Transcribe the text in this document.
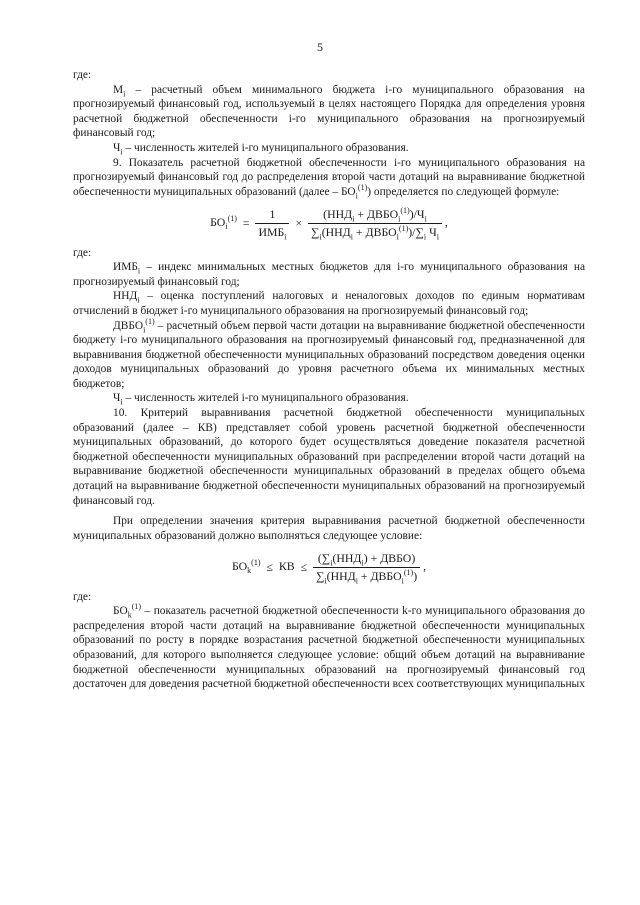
5

где:

$М_i$ – расчетный объем минимального бюджета i-го муниципального образования на прогнозируемый финансовый год, используемый в целях настоящего Порядка для определения уровня расчетной бюджетной обеспеченности i-го муниципального образования на прогнозируемый финансовый год;

$Ч_i$ – численность жителей i-го муниципального образования.

9. Показатель расчетной бюджетной обеспеченности i-го муниципального образования на прогнозируемый финансовый год до распределения второй части дотаций на выравнивание бюджетной обеспеченности муниципальных образований (далее – $БО_i^{(1)}$) определяется по следующей формуле:

$БО_i^{(1)} = \frac{1}{ИМБ_i} \times \frac{(ННД_i + ДВБО_i^{(1)})/Ч_i}{\sum_i(ННД_i + ДВБО_i^{(1)})/\sum_i Ч_i}$ ,

где:

$ИМБ_i$ – индекс минимальных местных бюджетов для i-го муниципального образования на прогнозируемый финансовый год;

$ННД_i$ – оценка поступлений налоговых и неналоговых доходов по единым нормативам отчислений в бюджет i-го муниципального образования на прогнозируемый финансовый год;

$ДВБО_i^{(1)}$ – расчетный объем первой части дотации на выравнивание бюджетной обеспеченности бюджету i-го муниципального образования на прогнозируемый финансовый год, предназначенной для выравнивания бюджетной обеспеченности муниципальных образований посредством доведения оценки доходов муниципальных образований до уровня расчетного объема их минимальных местных бюджетов;

$Ч_i$ – численность жителей i-го муниципального образования.

10. Критерий выравнивания расчетной бюджетной обеспеченности муниципальных образований (далее – КВ) представляет собой уровень расчетной бюджетной обеспеченности муниципальных образований, до которого будет осуществляться доведение показателя расчетной бюджетной обеспеченности муниципальных образований при распределении второй части дотаций на выравнивание бюджетной обеспеченности муниципальных образований в пределах общего объема дотаций на выравнивание бюджетной обеспеченности муниципальных образований на прогнозируемый финансовый год.

При определении значения критерия выравнивания расчетной бюджетной обеспеченности муниципальных образований должно выполняться следующее условие:

$БО_k^{(1)}$ ≤ КВ ≤ $\frac{(\sum_i(ННД_i) + ДВБО)}{\sum_i(ННД_i + ДВБО_i^{(1)})}$ ,

где:

$БО_k^{(1)}$ – показатель расчетной бюджетной обеспеченности k-го муниципального образования до распределения второй части дотаций на выравнивание бюджетной обеспеченности муниципальных образований по росту в порядке возрастания расчетной бюджетной обеспеченности муниципальных образований, для которого выполняется следующее условие: общий объем дотаций на выравнивание бюджетной обеспеченности муниципальных образований на прогнозируемый финансовый год достаточен для доведения расчетной бюджетной обеспеченности всех соответствующих муниципальных
